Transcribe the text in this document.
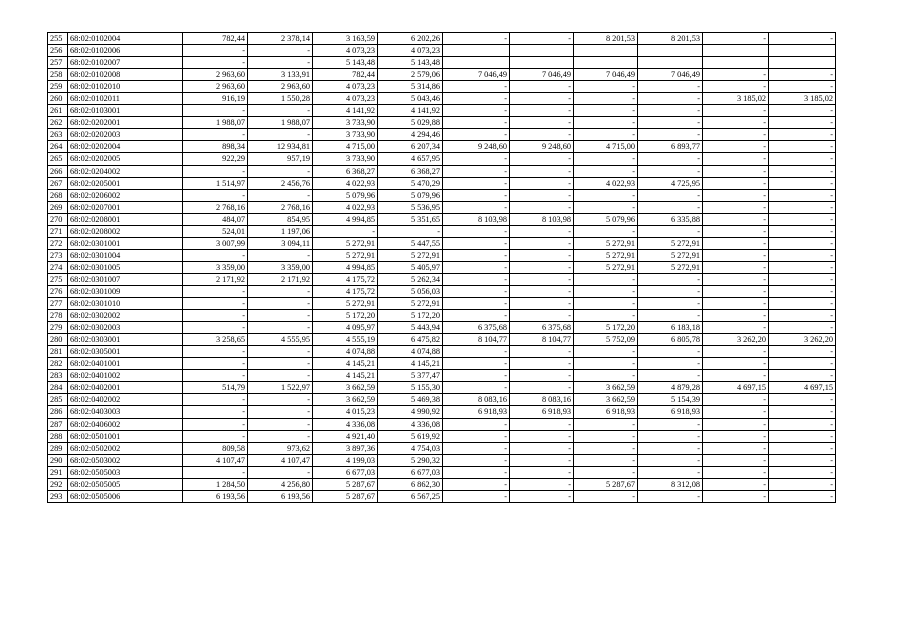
255	68:02:0102004	782,44	2 378,14	3 163,59	6 202,26	-	-	8 201,53	8 201,53	-	-
256	68:02:0102006	-	-	4 073,23	4 073,23						
257	68:02:0102007	-	-	5 143,48	5 143,48						
258	68:02:0102008	2 963,60	3 133,91	782,44	2 579,06	7 046,49	7 046,49	7 046,49	7 046,49	-	-
259	68:02:0102010	2 963,60	2 963,60	4 073,23	5 314,86	-	-	-	-	-	-
260	68:02:0102011	916,19	1 550,28	4 073,23	5 043,46	-	-	-	-	3 185,02	3 185,02
261	68:02:0103001	-	-	4 141,92	4 141,92	-	-	-	-	-	-
262	68:02:0202001	1 988,07	1 988,07	3 733,90	5 029,88	-	-	-	-	-	-
263	68:02:0202003	-	-	3 733,90	4 294,46	-	-	-	-	-	-
264	68:02:0202004	898,34	12 934,81	4 715,00	6 207,34	9 248,60	9 248,60	4 715,00	6 893,77	-	-
265	68:02:0202005	922,29	957,19	3 733,90	4 657,95	-	-	-	-	-	-
266	68:02:0204002	-	-	6 368,27	6 368,27	-	-	-	-	-	-
267	68:02:0205001	1 514,97	2 456,76	4 022,93	5 470,29	-	-	4 022,93	4 725,95	-	-
268	68:02:0206002	-	-	5 079,96	5 079,96	-	-	-	-	-	-
269	68:02:0207001	2 768,16	2 768,16	4 022,93	5 536,95	-	-	-	-	-	-
270	68:02:0208001	484,07	854,95	4 994,85	5 351,65	8 103,98	8 103,98	5 079,96	6 335,88	-	-
271	68:02:0208002	524,01	1 197,06	-	-	-	-	-	-	-	-
272	68:02:0301001	3 007,99	3 094,11	5 272,91	5 447,55	-	-	5 272,91	5 272,91	-	-
273	68:02:0301004	-	-	5 272,91	5 272,91	-	-	5 272,91	5 272,91	-	-
274	68:02:0301005	3 359,00	3 359,00	4 994,85	5 405,97	-	-	5 272,91	5 272,91	-	-
275	68:02:0301007	2 171,92	2 171,92	4 175,72	5 262,34	-	-	-	-	-	-
276	68:02:0301009	-	-	4 175,72	5 056,03	-	-	-	-	-	-
277	68:02:0301010	-	-	5 272,91	5 272,91	-	-	-	-	-	-
278	68:02:0302002	-	-	5 172,20	5 172,20	-	-	-	-	-	-
279	68:02:0302003	-	-	4 095,97	5 443,94	6 375,68	6 375,68	5 172,20	6 183,18	-	-
280	68:02:0303001	3 258,65	4 555,95	4 555,19	6 475,82	8 104,77	8 104,77	5 752,09	6 805,78	3 262,20	3 262,20
281	68:02:0305001	-	-	4 074,88	4 074,88	-	-	-	-	-	-
282	68:02:0401001	-	-	4 145,21	4 145,21	-	-	-	-	-	-
283	68:02:0401002	-	-	4 145,21	5 377,47	-	-	-	-	-	-
284	68:02:0402001	514,79	1 522,97	3 662,59	5 155,30	-	-	3 662,59	4 879,28	4 697,15	4 697,15
285	68:02:0402002	-	-	3 662,59	5 469,38	8 083,16	8 083,16	3 662,59	5 154,39	-	-
286	68:02:0403003	-	-	4 015,23	4 990,92	6 918,93	6 918,93	6 918,93	6 918,93	-	-
287	68:02:0406002	-	-	4 336,08	4 336,08	-	-	-	-	-	-
288	68:02:0501001	-	-	4 921,40	5 619,92	-	-	-	-	-	-
289	68:02:0502002	809,58	973,62	3 897,36	4 754,03	-	-	-	-	-	-
290	68:02:0503002	4 107,47	4 107,47	4 199,03	5 290,32	-	-	-	-	-	-
291	68:02:0505003	-	-	6 677,03	6 677,03	-	-	-	-	-	-
292	68:02:0505005	1 284,50	4 256,80	5 287,67	6 862,30	-	-	5 287,67	8 312,08	-	-
293	68:02:0505006	6 193,56	6 193,56	5 287,67	6 567,25	-	-	-	-	-	-
